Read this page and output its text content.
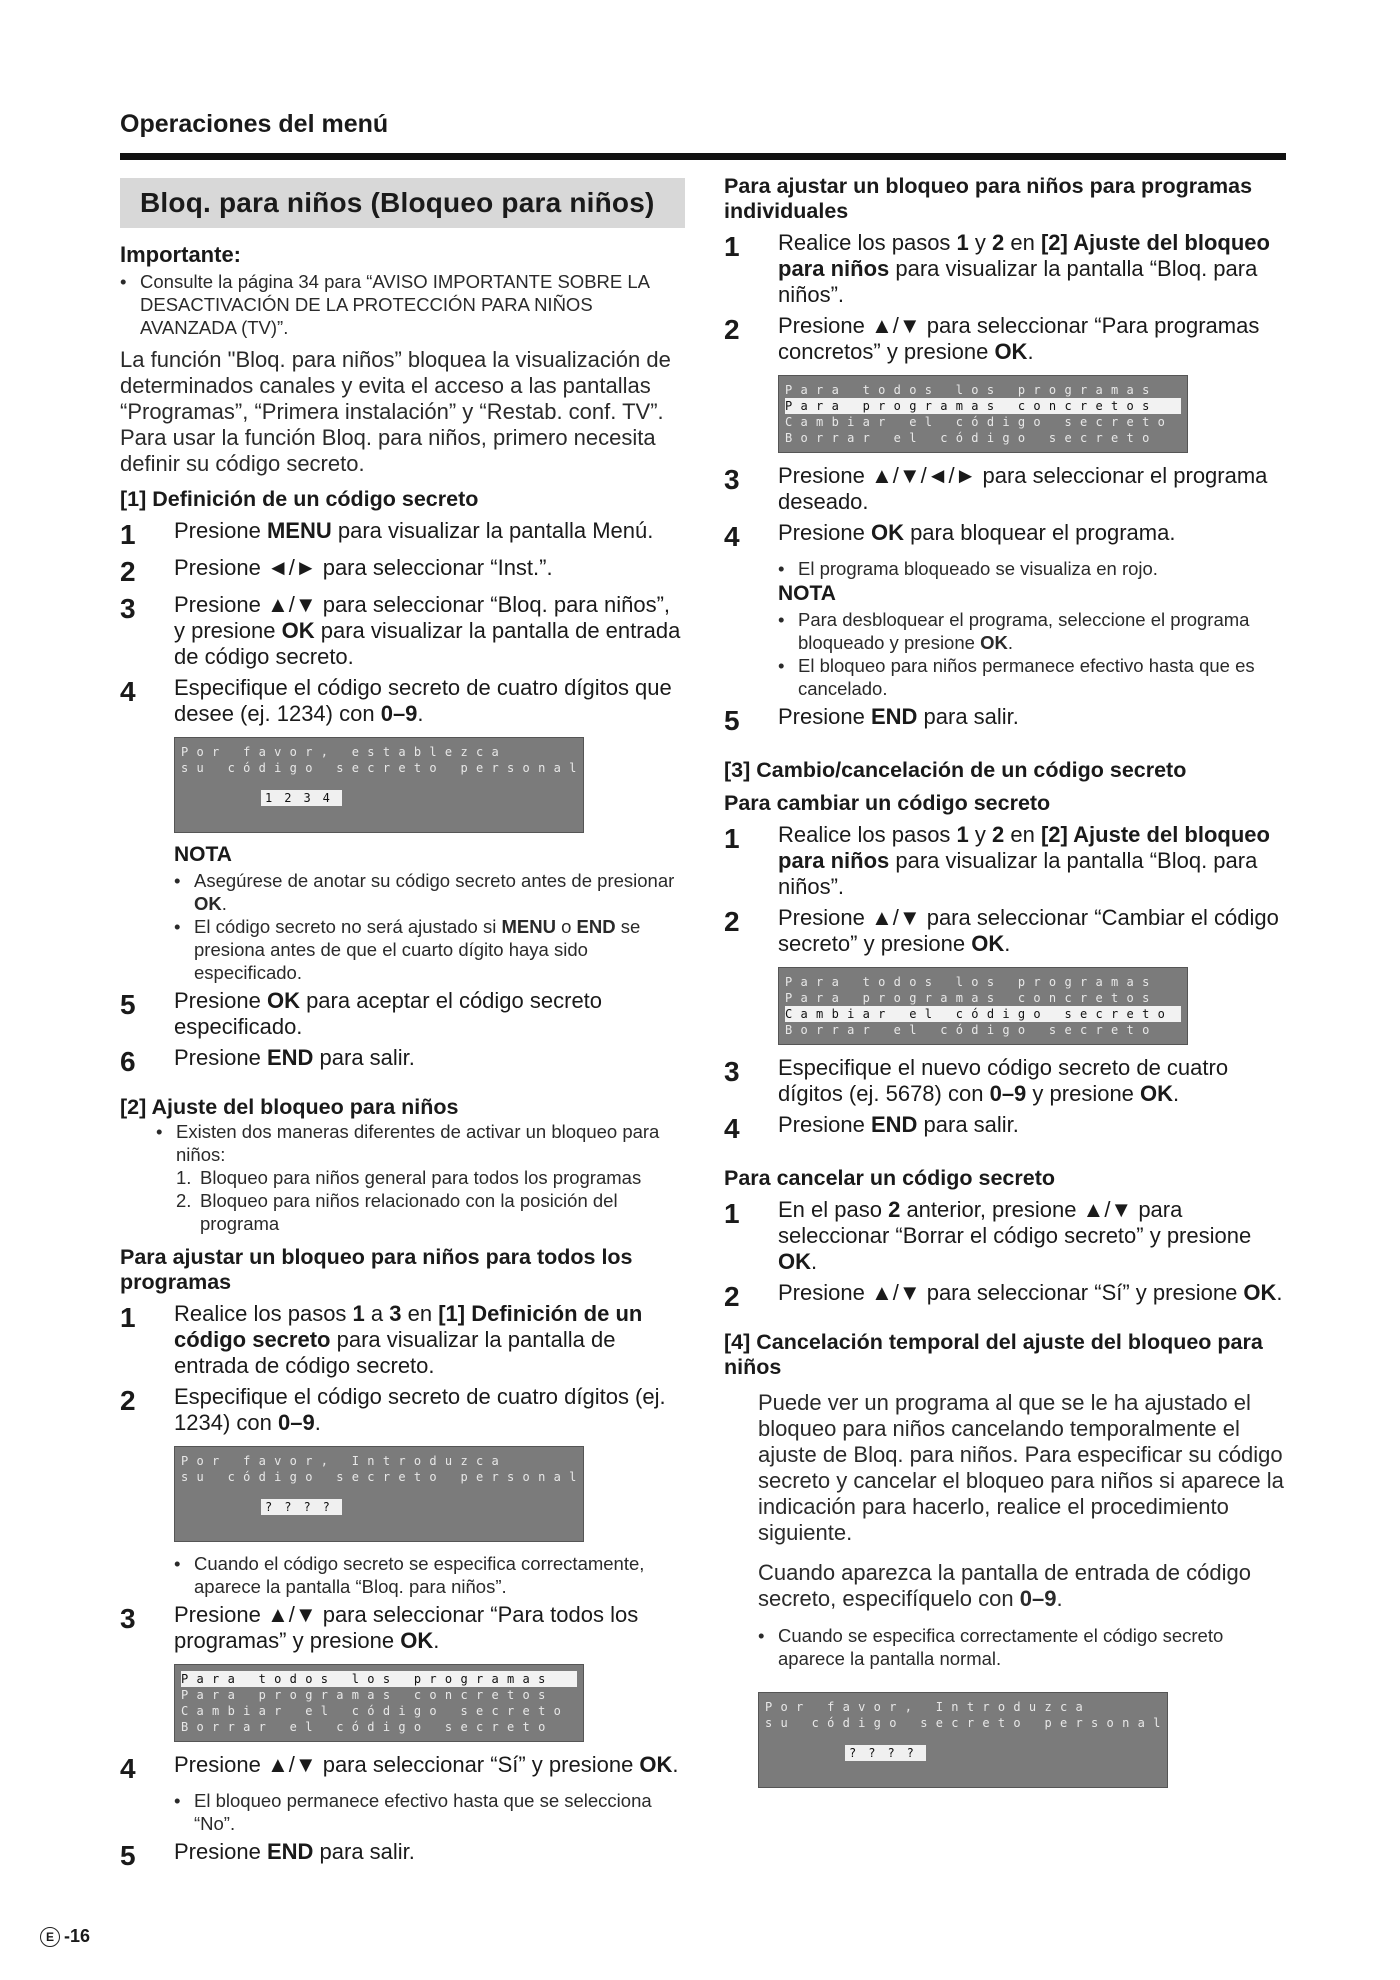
Operaciones del menú
Bloq. para niños (Bloqueo para niños)
Importante:
• Consulte la página 34 para “AVISO IMPORTANTE SOBRE LA DESACTIVACIÓN DE LA PROTECCIÓN PARA NIÑOS AVANZADA (TV)”.
La función "Bloq. para niños” bloquea la visualización de determinados canales y evita el acceso a las pantallas “Programas”, “Primera instalación” y “Restab. conf. TV”.
Para usar la función Bloq. para niños, primero necesita definir su código secreto.
[1] Definición de un código secreto
1	Presione MENU para visualizar la pantalla Menú.
2	Presione ◄/► para seleccionar “Inst.”.
3	Presione ▲/▼ para seleccionar “Bloq. para niños”, y presione OK para visualizar la pantalla de entrada de código secreto.
4	Especifique el código secreto de cuatro dígitos que desee (ej. 1234) con 0–9.
Por favor, establezca
su código secreto personal
1234
NOTA
• Asegúrese de anotar su código secreto antes de presionar OK.
• El código secreto no será ajustado si MENU o END se presiona antes de que el cuarto dígito haya sido especificado.
5	Presione OK para aceptar el código secreto especificado.
6	Presione END para salir.
[2] Ajuste del bloqueo para niños
• Existen dos maneras diferentes de activar un bloqueo para niños:
1. Bloqueo para niños general para todos los programas
2. Bloqueo para niños relacionado con la posición del programa
Para ajustar un bloqueo para niños para todos los programas
1	Realice los pasos 1 a 3 en [1] Definición de un código secreto para visualizar la pantalla de entrada de código secreto.
2	Especifique el código secreto de cuatro dígitos (ej. 1234) con 0–9.
Por favor, Introduzca
su código secreto personal
????
• Cuando el código secreto se especifica correctamente, aparece la pantalla “Bloq. para niños”.
3	Presione ▲/▼ para seleccionar “Para todos los programas” y presione OK.
Para todos los programas
Para programas concretos
Cambiar el código secreto
Borrar el código secreto
4	Presione ▲/▼ para seleccionar “Sí” y presione OK.
• El bloqueo permanece efectivo hasta que se selecciona “No”.
5	Presione END para salir.
Para ajustar un bloqueo para niños para programas individuales
1	Realice los pasos 1 y 2 en [2] Ajuste del bloqueo para niños para visualizar la pantalla “Bloq. para niños”.
2	Presione ▲/▼ para seleccionar “Para programas concretos” y presione OK.
Para todos los programas
Para programas concretos
Cambiar el código secreto
Borrar el código secreto
3	Presione ▲/▼/◄/► para seleccionar el programa deseado.
4	Presione OK para bloquear el programa.
• El programa bloqueado se visualiza en rojo.
NOTA
• Para desbloquear el programa, seleccione el programa bloqueado y presione OK.
• El bloqueo para niños permanece efectivo hasta que es cancelado.
5	Presione END para salir.
[3] Cambio/cancelación de un código secreto
Para cambiar un código secreto
1	Realice los pasos 1 y 2 en [2] Ajuste del bloqueo para niños para visualizar la pantalla “Bloq. para niños”.
2	Presione ▲/▼ para seleccionar “Cambiar el código secreto” y presione OK.
Para todos los programas
Para programas concretos
Cambiar el código secreto
Borrar el código secreto
3	Especifique el nuevo código secreto de cuatro dígitos (ej. 5678) con 0–9 y presione OK.
4	Presione END para salir.
Para cancelar un código secreto
1	En el paso 2 anterior, presione ▲/▼ para seleccionar “Borrar el código secreto” y presione OK.
2	Presione ▲/▼ para seleccionar “Sí” y presione OK.
[4] Cancelación temporal del ajuste del bloqueo para niños
Puede ver un programa al que se le ha ajustado el bloqueo para niños cancelando temporalmente el ajuste de Bloq. para niños. Para especificar su código secreto y cancelar el bloqueo para niños si aparece la indicación para hacerlo, realice el procedimiento siguiente.
Cuando aparezca la pantalla de entrada de código secreto, especifíquelo con 0–9.
• Cuando se especifica correctamente el código secreto aparece la pantalla normal.
Por favor, Introduzca
su código secreto personal
????
E -16
